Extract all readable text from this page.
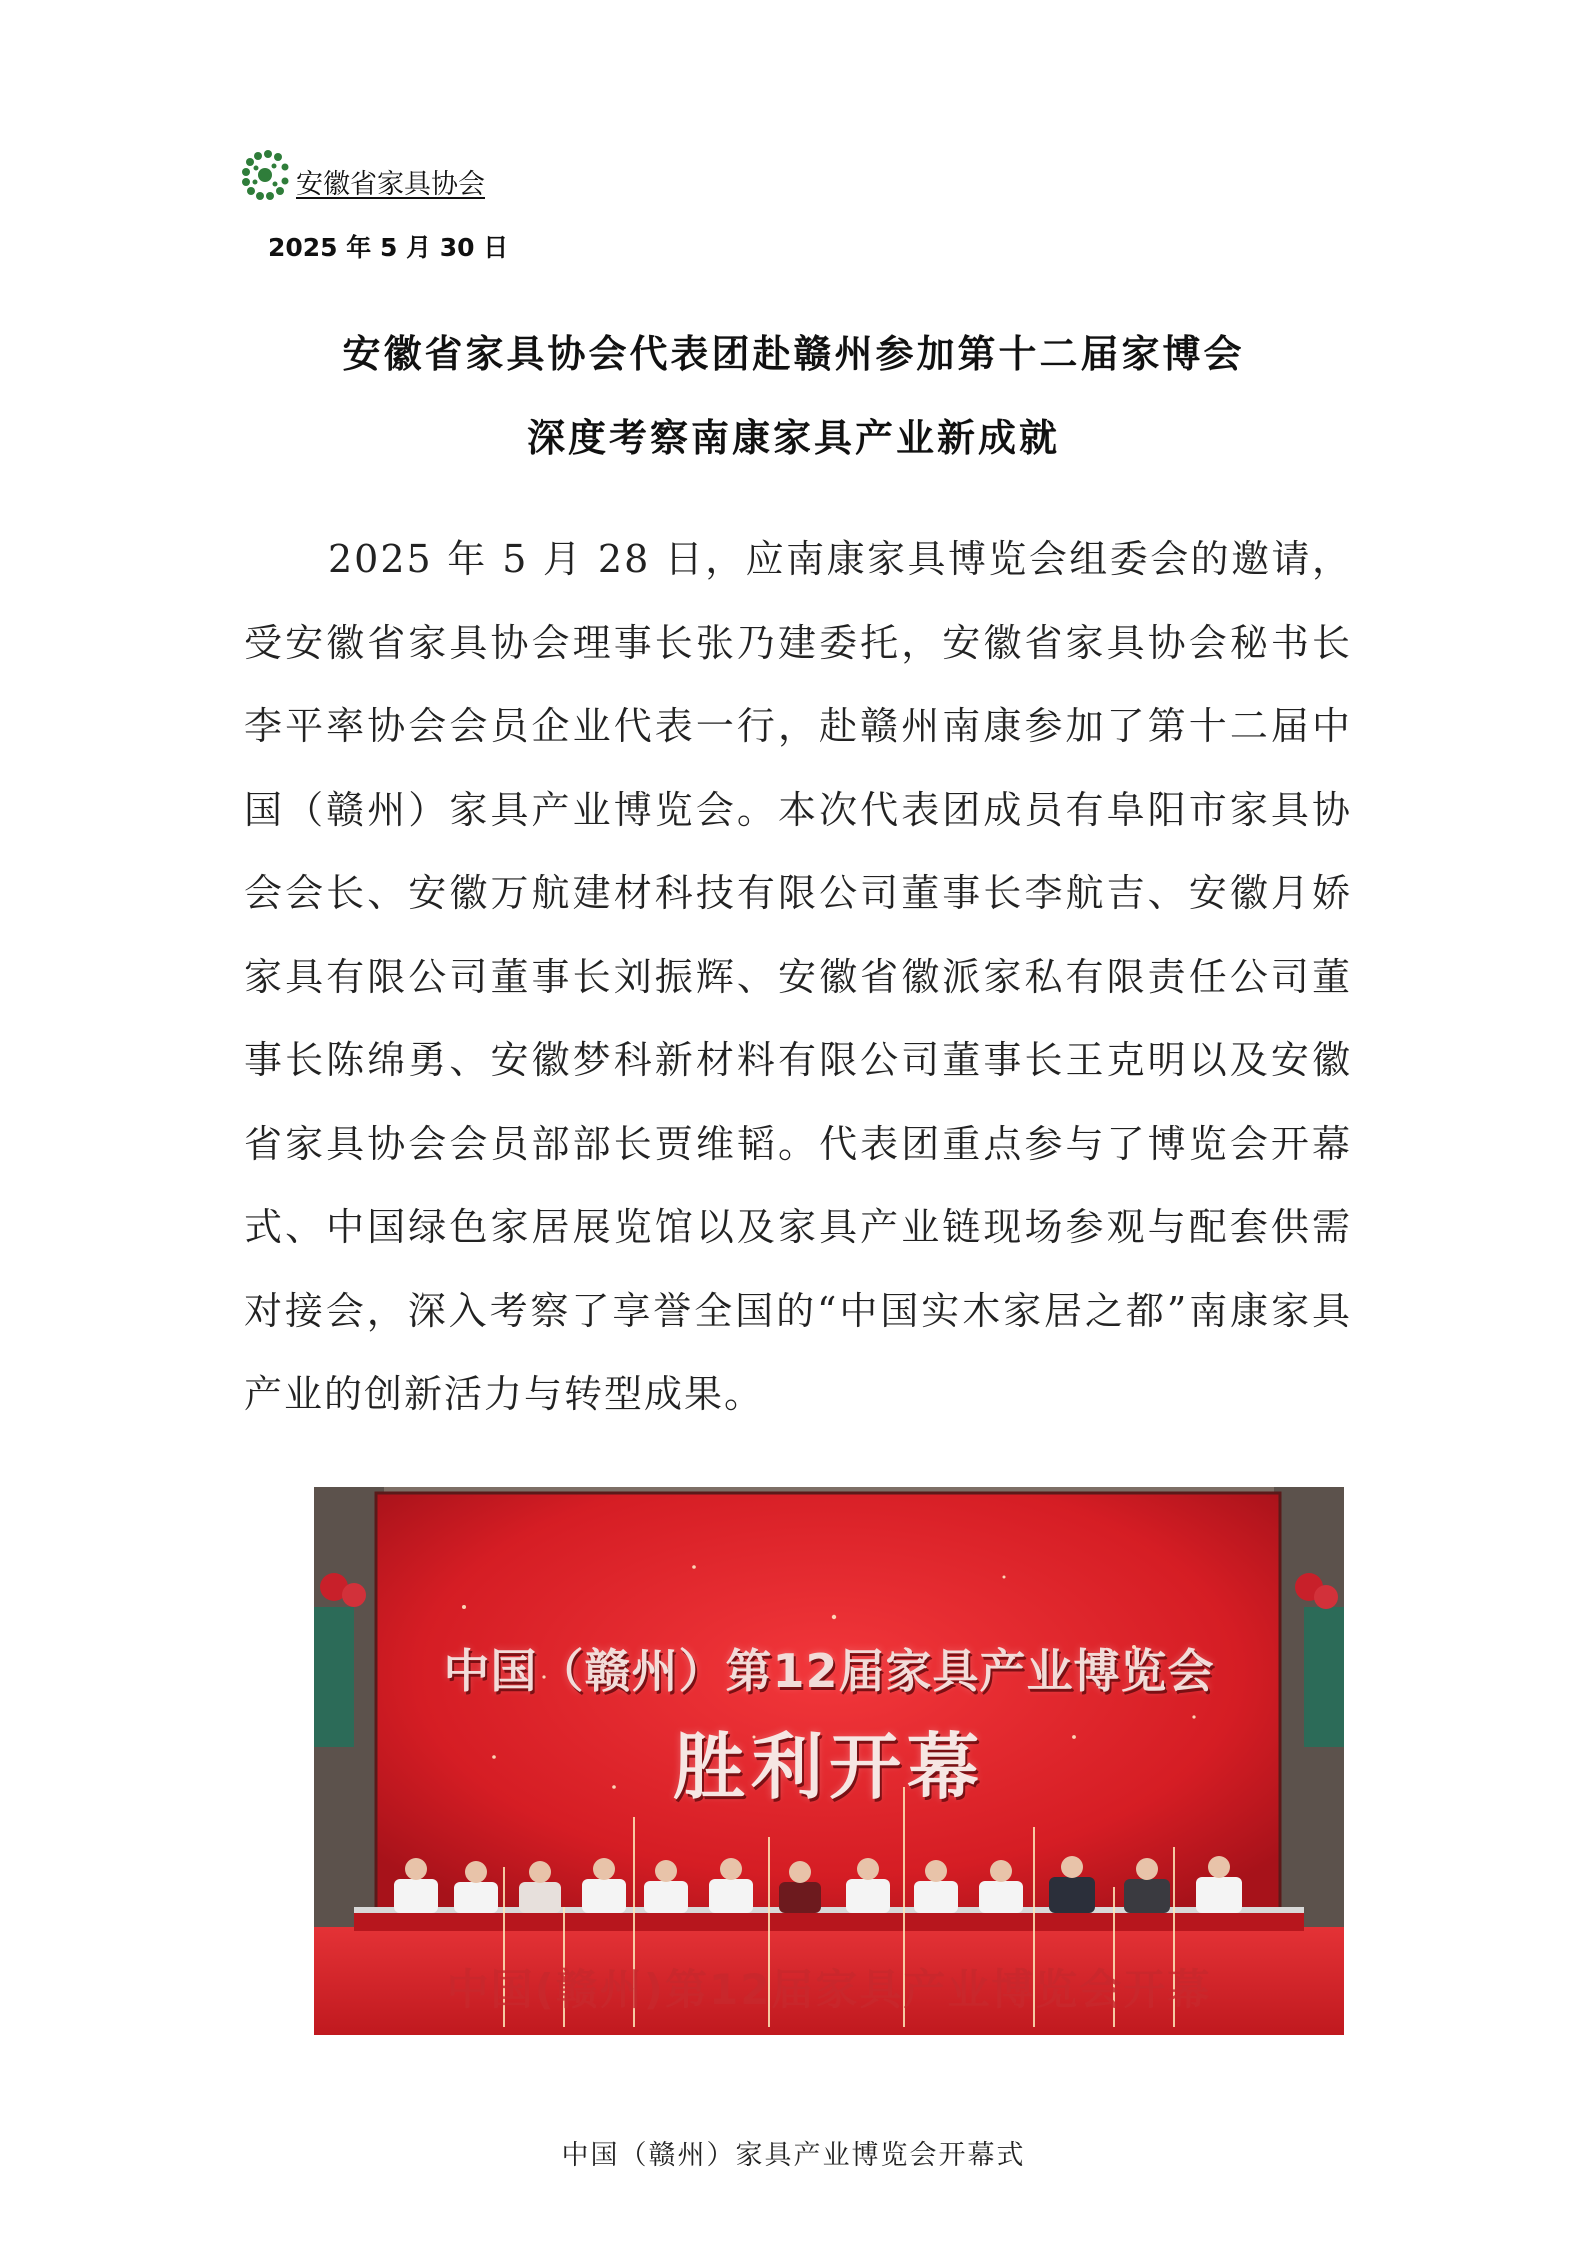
安徽省家具协会
2025 年 5 月 30 日
安徽省家具协会代表团赴赣州参加第十二届家博会
深度考察南康家具产业新成就

2025 年 5 月 28 日，应南康家具博览会组委会的邀请，受安徽省家具协会理事长张乃建委托，安徽省家具协会秘书长李平率协会会员企业代表一行，赴赣州南康参加了第十二届中国（赣州）家具产业博览会。本次代表团成员有阜阳市家具协会会长、安徽万航建材科技有限公司董事长李航吉、安徽月娇家具有限公司董事长刘振辉、安徽省徽派家私有限责任公司董事长陈绵勇、安徽梦科新材料有限公司董事长王克明以及安徽省家具协会会员部部长贾维韬。代表团重点参与了博览会开幕式、中国绿色家居展览馆以及家具产业链现场参观与配套供需对接会，深入考察了享誉全国的“中国实木家居之都”南康家具产业的创新活力与转型成果。

中国（赣州）第12届家具产业博览会
胜利开幕
中国(赣州)第12届家具产业博览会开幕
中国（赣州）家具产业博览会开幕式
